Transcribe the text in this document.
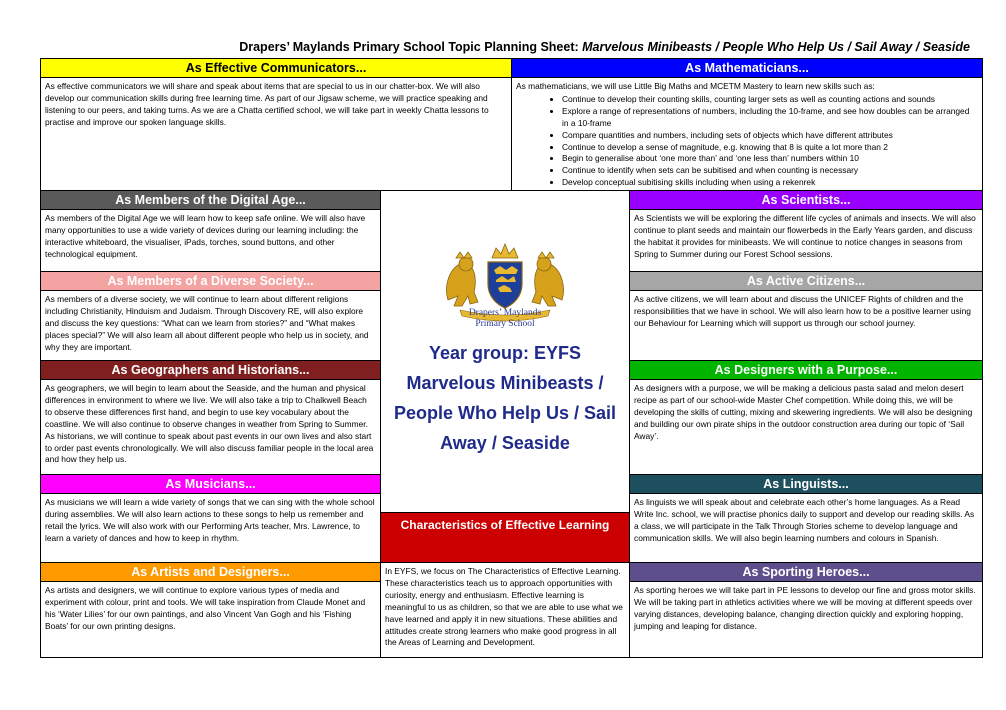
Drapers’ Maylands Primary School Topic Planning Sheet: Marvelous Minibeasts / People Who Help Us / Sail Away / Seaside
As Effective Communicators...
As effective communicators we will share and speak about items that are special to us in our chatter-box. We will also develop our communication skills during free learning time. As part of our Jigsaw scheme, we will practice speaking and listening to our peers, and taking turns. As we are a Chatta certified school, we will take part in weekly Chatta lessons to practise and improve our spoken language skills.
As Mathematicians...
As mathematicians, we will use Little Big Maths and MCETM Mastery to learn new skills such as:
• Continue to develop their counting skills, counting larger sets as well as counting actions and sounds
• Explore a range of representations of numbers, including the 10-frame, and see how doubles can be arranged in a 10-frame
• Compare quantities and numbers, including sets of objects which have different attributes
• Continue to develop a sense of magnitude, e.g. knowing that 8 is quite a lot more than 2
• Begin to generalise about ‘one more than’ and ‘one less than’ numbers within 10
• Continue to identify when sets can be subitised and when counting is necessary
• Develop conceptual subitising skills including when using a rekenrek
As Members of the Digital Age...
As members of the Digital Age we will learn how to keep safe online. We will also have many opportunities to use a wide variety of devices during our learning including: the interactive whiteboard, the visualiser, iPads, torches, sound buttons, and other technological equipment.
As Members of a Diverse Society...
As members of a diverse society, we will continue to learn about different religions including Christianity, Hinduism and Judaism. Through Discovery RE, will also explore and discuss the key questions: “What can we learn from stories?” and “What makes places special?” We will also learn all about different people who help us in society, and why they are important.
As Geographers and Historians...
As geographers, we will begin to learn about the Seaside, and the human and physical differences in environment to where we live. We will also take a trip to Chalkwell Beach to observe these differences first hand, and begin to use key vocabulary about the coastline. We will also continue to observe changes in weather from Spring to Summer. As historians, we will continue to speak about past events in our own lives and also start to order past events chronologically. We will also discuss familiar people in the local area and how they help us.
As Musicians...
As musicians we will learn a wide variety of songs that we can sing with the whole school during assemblies. We will also learn actions to these songs to help us remember and retail the lyrics. We will also work with our Performing Arts teacher, Mrs. Lawrence, to learn a variety of dances and how to keep in rhythm.
As Artists and Designers...
As artists and designers, we will continue to explore various types of media and experiment with colour, print and tools. We will take inspiration from Claude Monet and his ‘Water Lilies’ for our own paintings, and also Vincent Van Gogh and his ‘Fishing Boats’ for our own printing designs.
Drapers’ Maylands
Primary School
Year group: EYFS
Marvelous Minibeasts / People Who Help Us / Sail Away / Seaside
Characteristics of Effective Learning
In EYFS, we focus on The Characteristics of Effective Learning. These characteristics teach us to approach opportunities with curiosity, energy and enthusiasm. Effective learning is meaningful to us as children, so that we are able to use what we have learned and apply it in new situations. These abilities and attitudes create strong learners who make good progress in all the Areas of Learning and Development.
As Scientists...
As Scientists we will be exploring the different life cycles of animals and insects. We will also continue to plant seeds and maintain our flowerbeds in the Early Years garden, and discuss the habitat it provides for minibeasts. We will continue to notice changes in seasons from Spring to Summer during our Forest School sessions.
As Active Citizens...
As active citizens, we will learn about and discuss the UNICEF Rights of children and the responsibilities that we have in school. We will also learn how to be a positive learner using our Behaviour for Learning which will support us through our school journey.
As Designers with a Purpose...
As designers with a purpose, we will be making a delicious pasta salad and melon desert recipe as part of our school-wide Master Chef competition. While doing this, we will be developing the skills of cutting, mixing and skewering ingredients. We will also be designing and building our own pirate ships in the outdoor construction area during our topic of ‘Sail Away’.
As Linguists...
As linguists we will speak about and celebrate each other’s home languages. As a Read Write Inc. school, we will practise phonics daily to support and develop our reading skills. As a class, we will participate in the Talk Through Stories scheme to develop language and communication skills. We will also begin learning numbers and colours in Spanish.
As Sporting Heroes...
As sporting heroes we will take part in PE lessons to develop our fine and gross motor skills. We will be taking part in athletics activities where we will be moving at different speeds over varying distances, developing balance, changing direction quickly and exploring hopping, jumping and leaping for distance.
